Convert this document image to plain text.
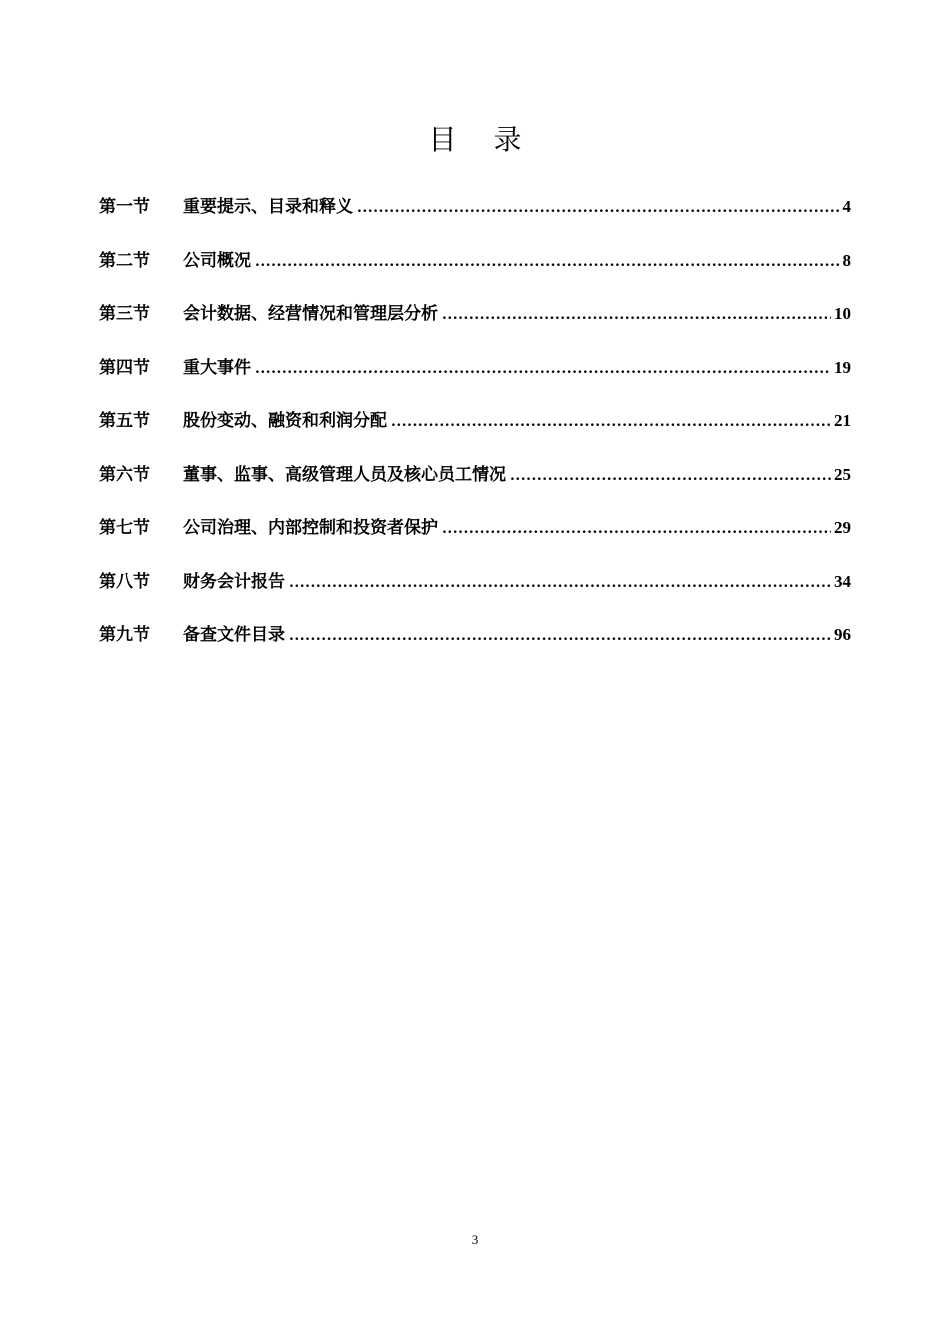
目 录
第一节	重要提示、目录和释义 .....	4
第二节	公司概况 .....	8
第三节	会计数据、经营情况和管理层分析 .....	10
第四节	重大事件 .....	19
第五节	股份变动、融资和利润分配 .....	21
第六节	董事、监事、高级管理人员及核心员工情况 .....	25
第七节	公司治理、内部控制和投资者保护 .....	29
第八节	财务会计报告 .....	34
第九节	备查文件目录 .....	96
3
